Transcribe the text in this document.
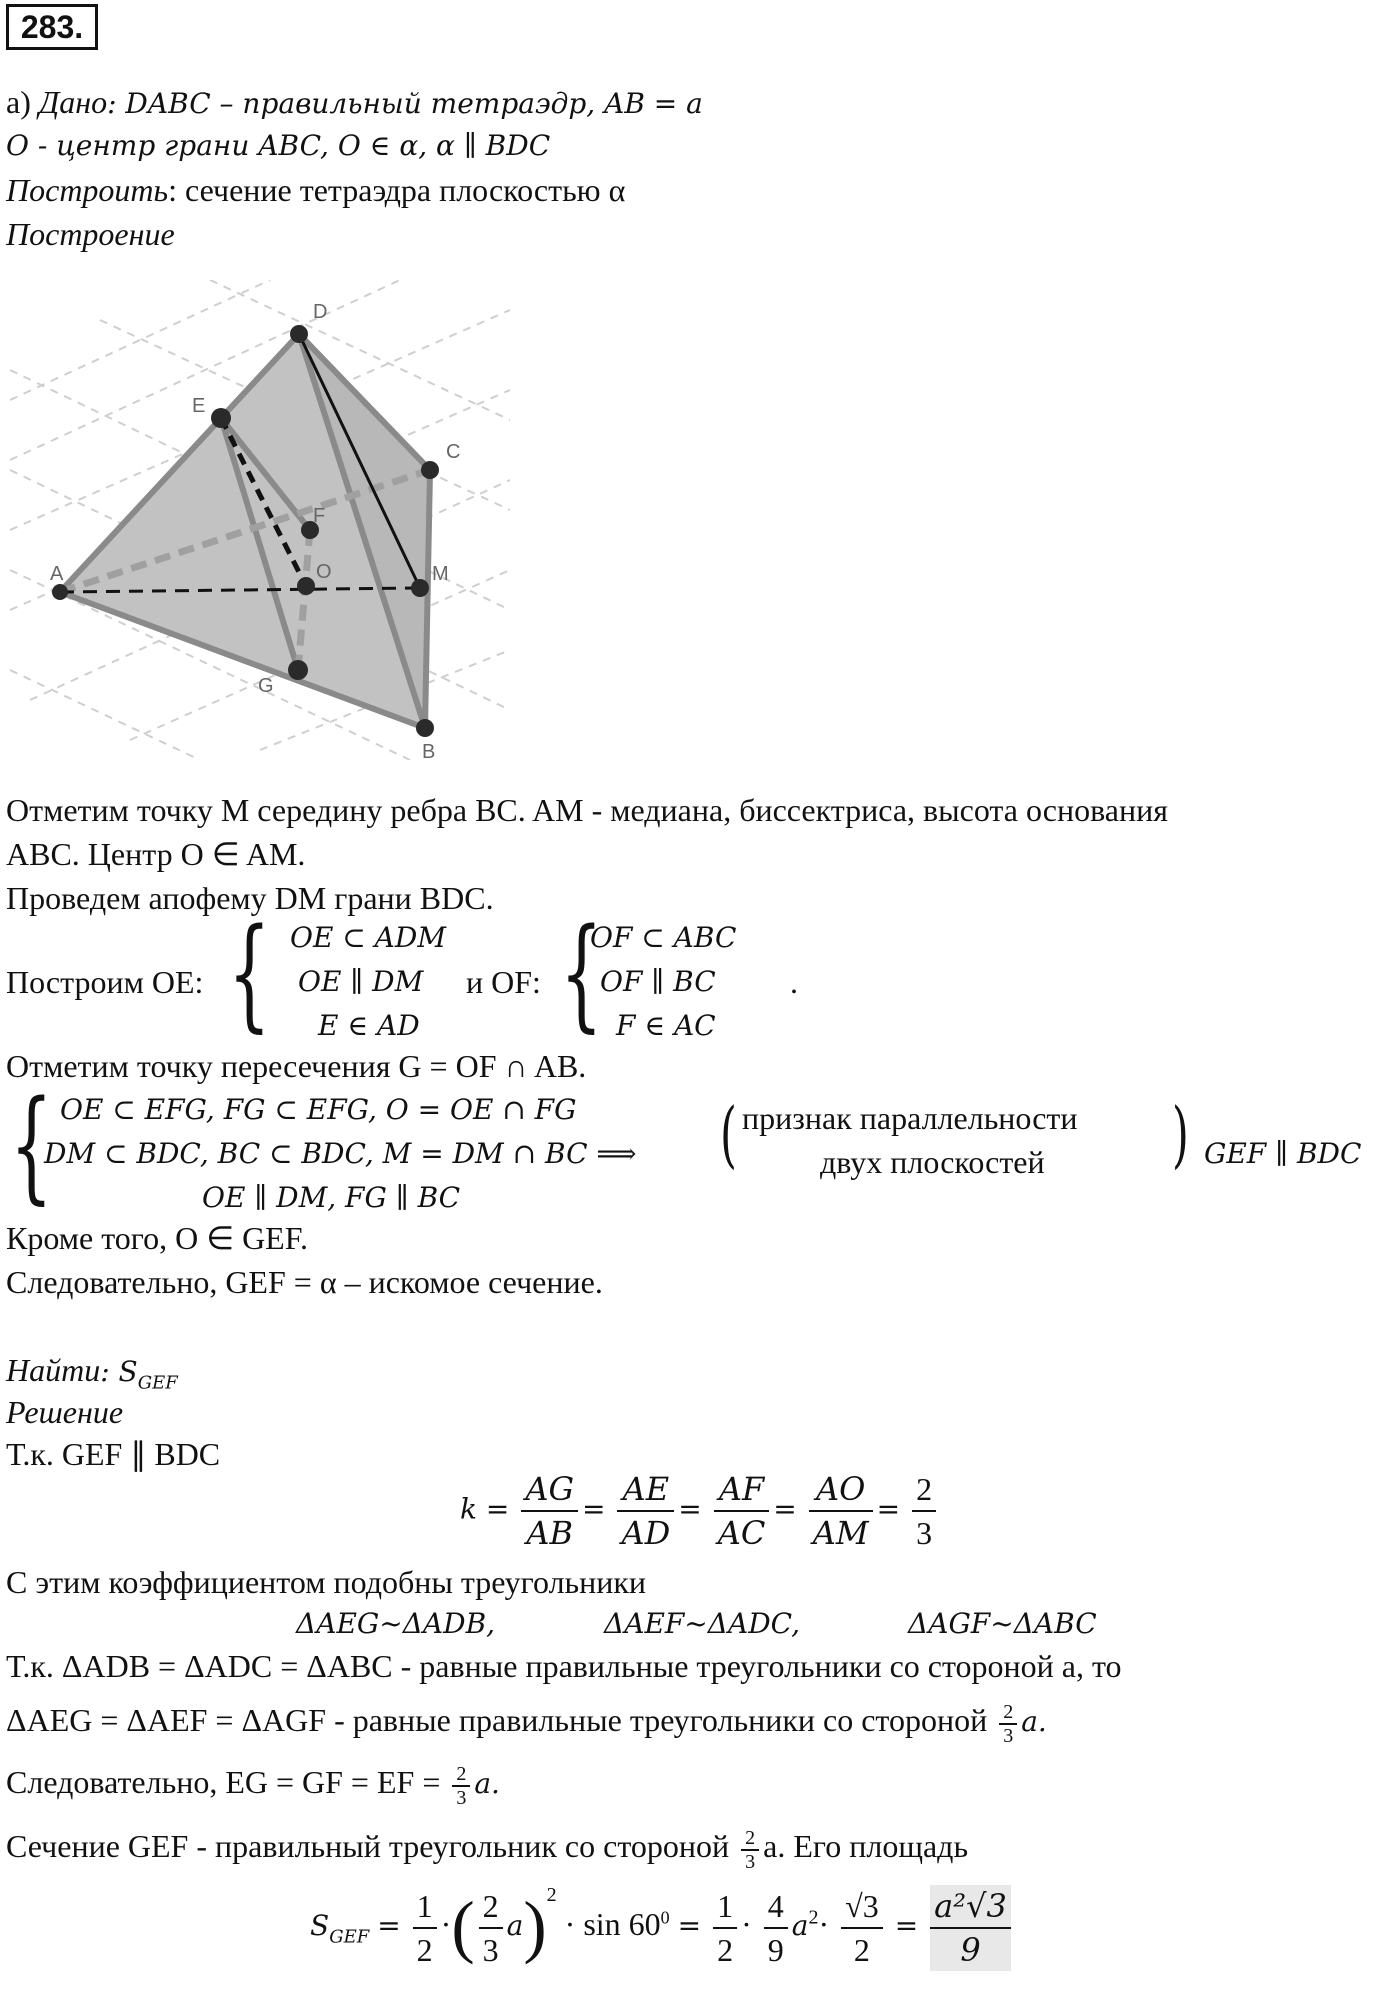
283.
а) Дано: DABC – правильный тетраэдр, AB = a
O - центр грани ABC, O ∈ α, α ∥ BDC
Построить: сечение тетраэдра плоскостью α
Построение
A
D
C
B
E
F
O	M
G
Отметим точку M середину ребра BC. AM - медиана, биссектриса, высота основания
ABC. Центр O ∈ AM.
Проведем апофему DM грани BDC.
Построим OE: { OE ⊂ ADM
OE ∥ DM
E ∈ AD
и OF: {
OF ⊂ ABC
OF ∥ BC
F ∈ AC
.
Отметим точку пересечения G = OF ∩ AB.
{ OE ⊂ EFG, FG ⊂ EFG, O = OE ∩ FG
DM ⊂ BDC, BC ⊂ BDC, M = DM ∩ BC ⟹
OE ∥ DM, FG ∥ BC
( признак параллельности
двух плоскостей ) GEF ∥ BDC
Кроме того, O ∈ GEF.
Следовательно, GEF = α – искомое сечение.
Найти: $S_{GEF}$
Решение
Т.к. GEF ∥ BDC
$k = \frac{AG}{AB} = \frac{AE}{AD} = \frac{AF}{AC} = \frac{AO}{AM} = \frac{2}{3}$
С этим коэффициентом подобны треугольники
ΔAEG~ΔADB,	ΔAEF~ΔADC,	ΔAGF~ΔABC
Т.к. ΔADB = ΔADC = ΔABC - равные правильные треугольники со стороной a, то
ΔAEG = ΔAEF = ΔAGF - равные правильные треугольники со стороной $\frac{2}{3} a$.
Следовательно, EG = GF = EF = $\frac{2}{3} a$.
Сечение GEF - правильный треугольник со стороной $\frac{2}{3} a$. Его площадь
$S_{GEF} = \frac{1}{2}$ ·( $\frac{2}{3} a)^2 \cdot \sin 60^0 = \frac{1}{2} \cdot \frac{4}{9} a^2\cdot \frac{√3}{2} = \frac{\text{a²√3}}{9}$
